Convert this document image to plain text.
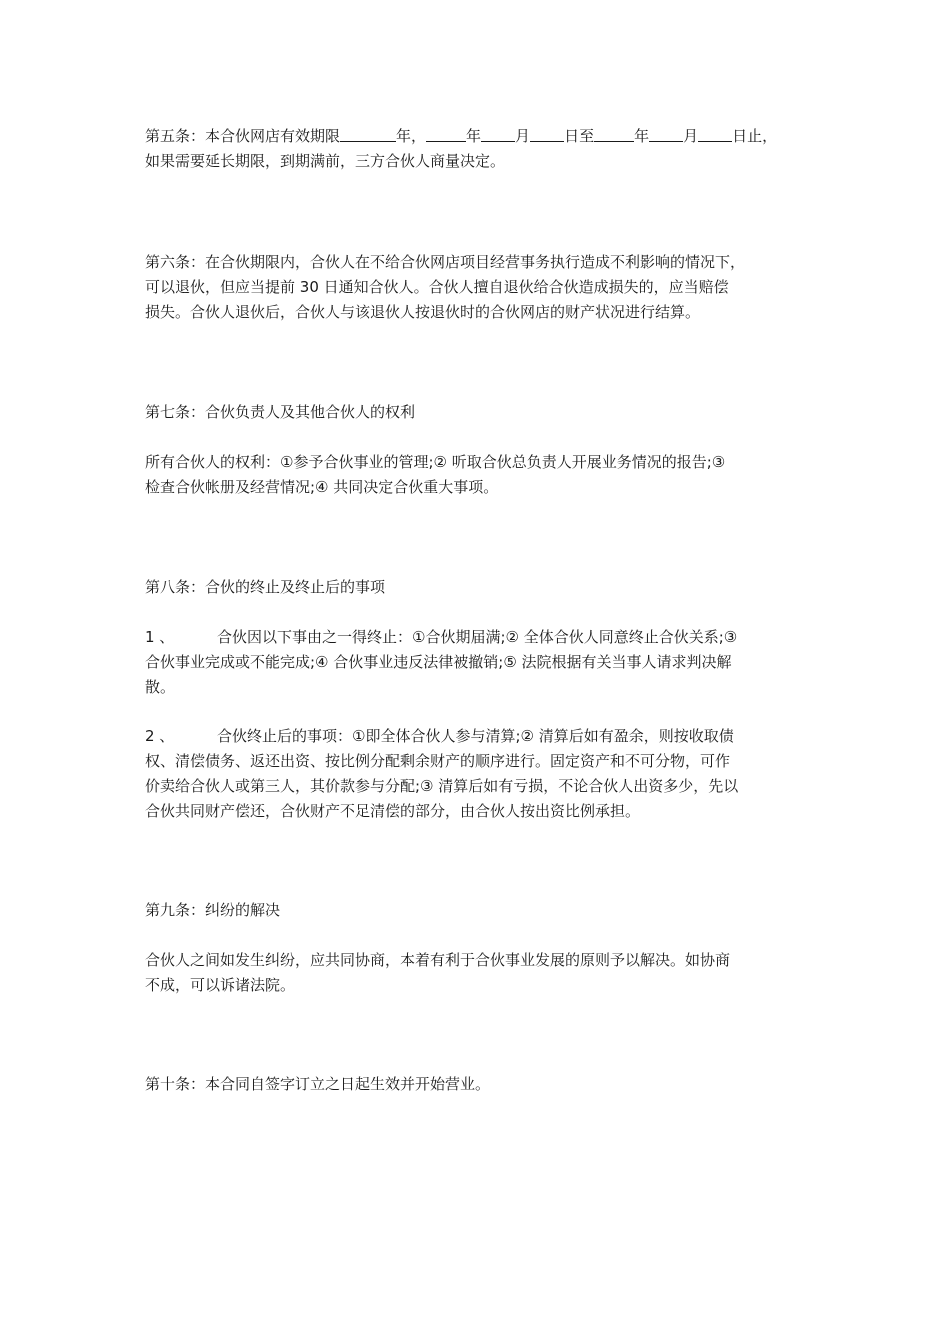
第五条：本合伙网店有效期限	年，	年 月 日至	年 月 日止，
如果需要延长期限，到期满前，三方合伙人商量决定。
第六条：在合伙期限内，合伙人在不给合伙网店项目经营事务执行造成不利影响的情况下，
可以退伙，但应当提前 30 日通知合伙人。合伙人擅自退伙给合伙造成损失的，应当赔偿
损失。合伙人退伙后，合伙人与该退伙人按退伙时的合伙网店的财产状况进行结算。
第七条：合伙负责人及其他合伙人的权利
所有合伙人的权利：①参予合伙事业的管理;② 听取合伙总负责人开展业务情况的报告;③
检查合伙帐册及经营情况;④ 共同决定合伙重大事项。
第八条：合伙的终止及终止后的事项
1 、	合伙因以下事由之一得终止：①合伙期届满;② 全体合伙人同意终止合伙关系;③
合伙事业完成或不能完成;④ 合伙事业违反法律被撤销;⑤ 法院根据有关当事人请求判决解
散。
2 、	合伙终止后的事项：①即全体合伙人参与清算;② 清算后如有盈余，则按收取债
权、清偿债务、返还出资、按比例分配剩余财产的顺序进行。固定资产和不可分物，可作
价卖给合伙人或第三人，其价款参与分配;③ 清算后如有亏损，不论合伙人出资多少，先以
合伙共同财产偿还，合伙财产不足清偿的部分，由合伙人按出资比例承担。
第九条：纠纷的解决
合伙人之间如发生纠纷，应共同协商，本着有利于合伙事业发展的原则予以解决。如协商
不成，可以诉诸法院。
第十条：本合同自签字订立之日起生效并开始营业。
